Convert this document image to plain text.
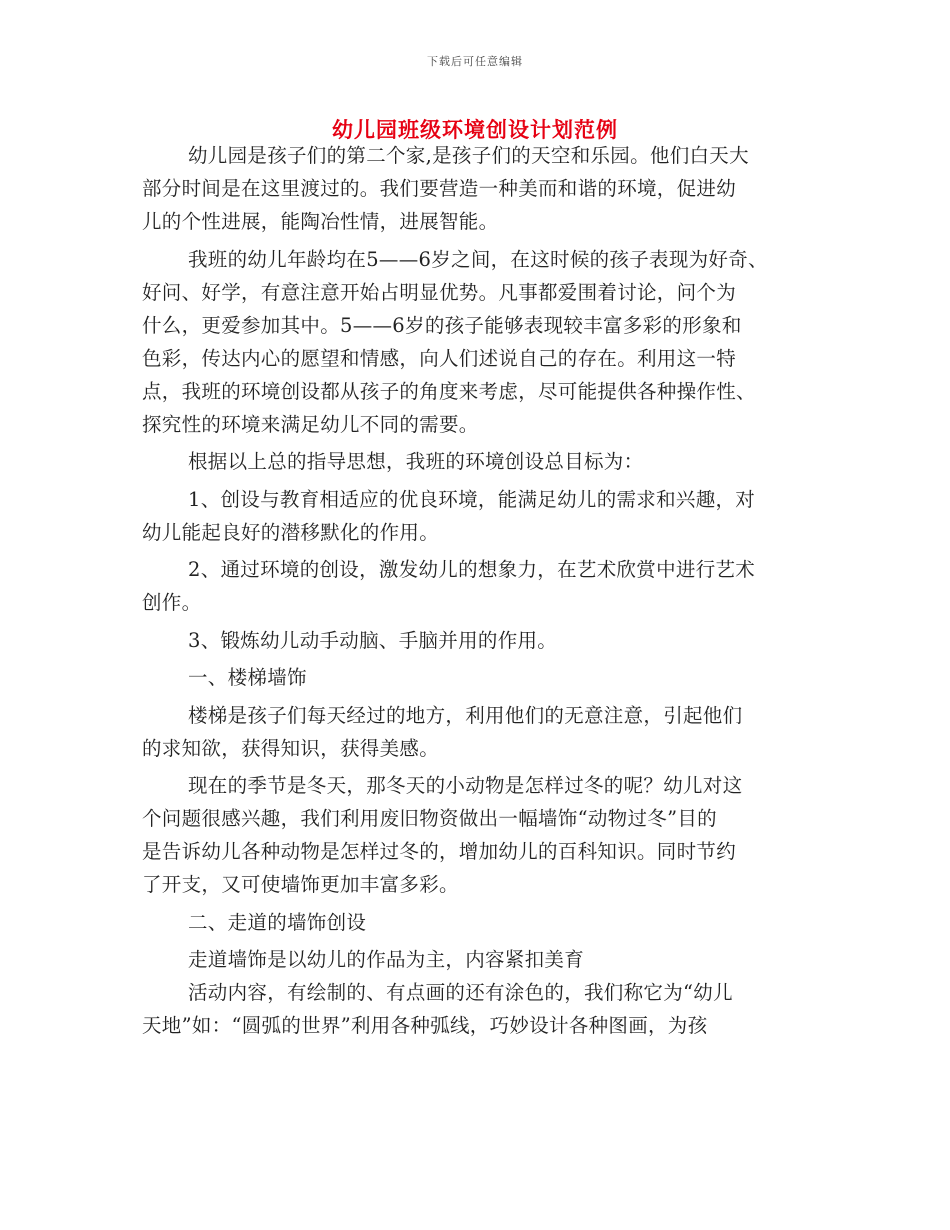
下载后可任意编辑
幼儿园班级环境创设计划范例
幼儿园是孩子们的第二个家,是孩子们的天空和乐园。他们白天大
部分时间是在这里渡过的。我们要营造一种美而和谐的环境，促进幼
儿的个性进展，能陶冶性情，进展智能。
我班的幼儿年龄均在5——6岁之间，在这时候的孩子表现为好奇、
好问、好学，有意注意开始占明显优势。凡事都爱围着讨论，问个为
什么，更爱参加其中。5——6岁的孩子能够表现较丰富多彩的形象和
色彩，传达内心的愿望和情感，向人们述说自己的存在。利用这一特
点，我班的环境创设都从孩子的角度来考虑，尽可能提供各种操作性、
探究性的环境来满足幼儿不同的需要。
根据以上总的指导思想，我班的环境创设总目标为：
1、创设与教育相适应的优良环境，能满足幼儿的需求和兴趣，对
幼儿能起良好的潜移默化的作用。
2、通过环境的创设，激发幼儿的想象力，在艺术欣赏中进行艺术
创作。
3、锻炼幼儿动手动脑、手脑并用的作用。
一、楼梯墙饰
楼梯是孩子们每天经过的地方，利用他们的无意注意，引起他们
的求知欲，获得知识，获得美感。
现在的季节是冬天，那冬天的小动物是怎样过冬的呢？幼儿对这
个问题很感兴趣，我们利用废旧物资做出一幅墙饰“动物过冬”目的
是告诉幼儿各种动物是怎样过冬的，增加幼儿的百科知识。同时节约
了开支，又可使墙饰更加丰富多彩。
二、走道的墙饰创设
走道墙饰是以幼儿的作品为主，内容紧扣美育
活动内容，有绘制的、有点画的还有涂色的，我们称它为“幼儿
天地”如：“圆弧的世界”利用各种弧线，巧妙设计各种图画，为孩
